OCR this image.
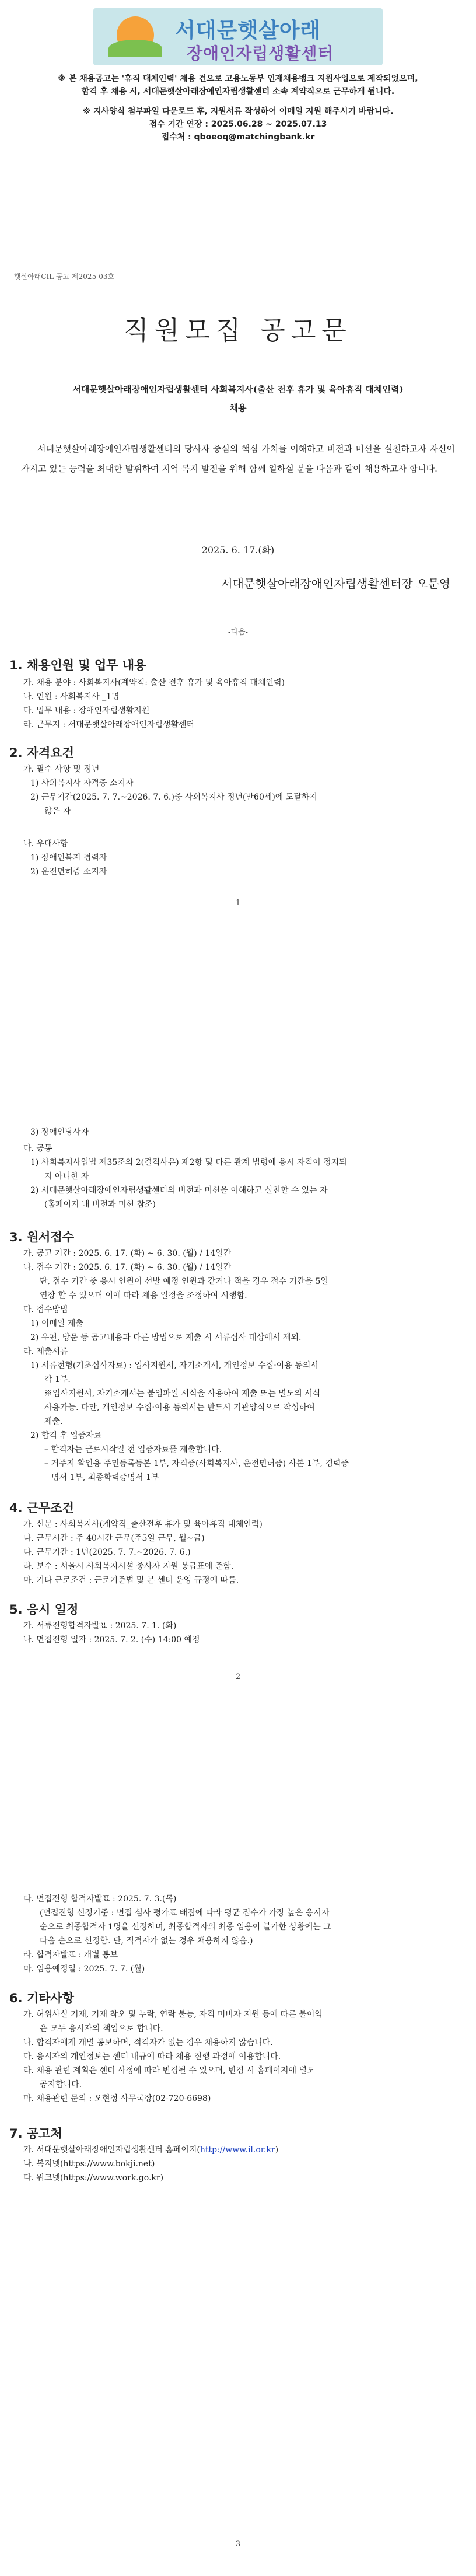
서대문햇살아래
장애인자립생활센터
※ 본 채용공고는 '휴직 대체인력' 채용 건으로 고용노동부 인재채용뱅크 지원사업으로 제작되었으며,
합격 후 채용 시, 서대문햇살아래장애인자립생활센터 소속 계약직으로 근무하게 됩니다.
※ 지사양식 첨부파일 다운로드 후, 지원서류 작성하여 이메일 지원 해주시기 바랍니다.
접수 기간 연장 : 2025.06.28 ~ 2025.07.13
접수처 : qboeoq@matchingbank.kr
햇살아래CIL 공고 제2025-03호
직원모집 공고문
서대문햇살아래장애인자립생활센터 사회복지사(출산 전후 휴가 및 육아휴직 대체인력)
채용
서대문햇살아래장애인자립생활센터의 당사자 중심의 핵심 가치를 이해하고 비전과 미션을 실천하고자 자신이 가지고 있는 능력을 최대한 발휘하여 지역 복지 발전을 위해 함께 일하실 분을 다음과 같이 채용하고자 합니다.
2025. 6. 17.(화)
서대문햇살아래장애인자립생활센터장 오문영
-다음-
1. 채용인원 및 업무 내용
가. 채용 분야 : 사회복지사(계약직: 출산 전후 휴가 및 육아휴직 대체인력)
나. 인원 : 사회복지사 _1명
다. 업무 내용 : 장애인자립생활지원
라. 근무지 : 서대문햇살아래장애인자립생활센터
2. 자격요건
가. 필수 사항 및 정년
1) 사회복지사 자격증 소지자
2) 근무기간(2025. 7. 7.~2026. 7. 6.)중 사회복지사 정년(만60세)에 도달하지
않은 자
나. 우대사항
1) 장애인복지 경력자
2) 운전면허증 소지자
- 1 -
3) 장애인당사자
다. 공통
1) 사회복지사업법 제35조의 2(결격사유) 제2항 및 다른 관계 법령에 응시 자격이 정지되
지 아니한 자
2) 서대문햇살아래장애인자립생활센터의 비전과 미션을 이해하고 실천할 수 있는 자
(홈페이지 내 비전과 미션 참조)
3. 원서접수
가. 공고 기간 : 2025. 6. 17. (화) ~ 6. 30. (월) / 14일간
나. 접수 기간 : 2025. 6. 17. (화) ~ 6. 30. (월) / 14일간
단, 접수 기간 중 응시 인원이 선발 예정 인원과 같거나 적을 경우 접수 기간을 5일
연장 할 수 있으며 이에 따라 채용 일정을 조정하여 시행함.
다. 접수방법
1) 이메일 제출
2) 우편, 방문 등 공고내용과 다른 방법으로 제출 시 서류심사 대상에서 제외.
라. 제출서류
1) 서류전형(기초심사자료) : 입사지원서, 자기소개서, 개인정보 수집·이용 동의서
각 1부.
※입사지원서, 자기소개서는 붙임파일 서식을 사용하여 제출 또는 별도의 서식
사용가능. 다만, 개인정보 수집·이용 동의서는 반드시 기관양식으로 작성하여
제출.
2) 합격 후 입증자료
– 합격자는 근로시작일 전 입증자료를 제출합니다.
– 거주지 확인용 주민등록등본 1부, 자격증(사회복지사, 운전면허증) 사본 1부, 경력증
명서 1부, 최종학력증명서 1부
4. 근무조건
가. 신분 : 사회복지사(계약직_출산전후 휴가 및 육아휴직 대체인력)
나. 근무시간 : 주 40시간 근무(주5일 근무, 월~금)
다. 근무기간 : 1년(2025. 7. 7.~2026. 7. 6.)
라. 보수 : 서울시 사회복지시설 종사자 지원 봉급표에 준함.
마. 기타 근로조건 : 근로기준법 및 본 센터 운영 규정에 따름.
5. 응시 일정
가. 서류전형합격자발표 : 2025. 7. 1. (화)
나. 면접전형 일자 : 2025. 7. 2. (수) 14:00 예정
- 2 -
다. 면접전형 합격자발표 : 2025. 7. 3.(목)
(면접전형 선정기준 : 면접 심사 평가표 배점에 따라 평균 점수가 가장 높은 응시자
순으로 최종합격자 1명을 선정하며, 최종합격자의 최종 임용이 불가한 상황에는 그
다음 순으로 선정함. 단, 적격자가 없는 경우 채용하지 않음.)
라. 합격자발표 : 개별 통보
마. 임용예정일 : 2025. 7. 7. (월)
6. 기타사항
가. 허위사실 기재, 기재 착오 및 누락, 연락 불능, 자격 미비자 지원 등에 따른 불이익
은 모두 응시자의 책임으로 합니다.
나. 합격자에게 개별 통보하며, 적격자가 없는 경우 채용하지 않습니다.
다. 응시자의 개인정보는 센터 내규에 따라 채용 진행 과정에 이용합니다.
라. 채용 관련 계획은 센터 사정에 따라 변경될 수 있으며, 변경 시 홈페이지에 별도
공지합니다.
마. 채용관련 문의 : 오현정 사무국장(02-720-6698)
7. 공고처
가. 서대문햇살아래장애인자립생활센터 홈페이지(http://www.il.or.kr)
나. 복지넷(https://www.bokji.net)
다. 워크넷(https://www.work.go.kr)
- 3 -
